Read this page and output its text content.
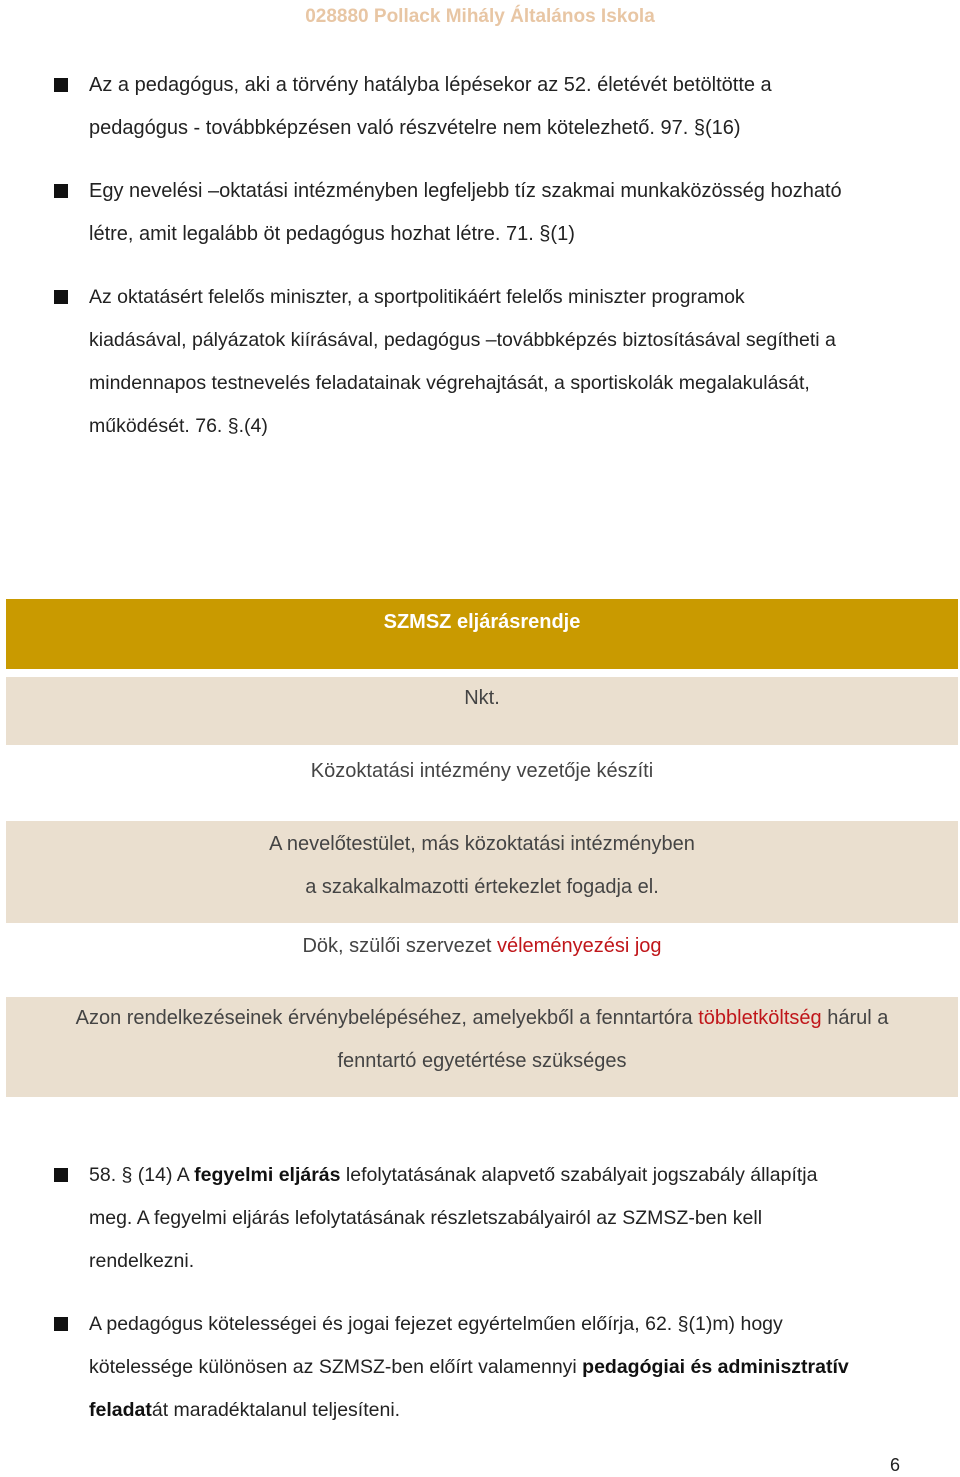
028880 Pollack Mihály Általános Iskola
Az a pedagógus, aki a törvény hatályba lépésekor az 52. életévét betöltötte a
pedagógus - továbbképzésen való részvételre nem kötelezhető. 97. §(16)
Egy nevelési –oktatási intézményben legfeljebb tíz szakmai munkaközösség hozható
létre, amit legalább öt pedagógus hozhat létre. 71. §(1)
Az oktatásért felelős miniszter, a sportpolitikáért felelős miniszter programok
kiadásával, pályázatok kiírásával, pedagógus –továbbképzés biztosításával segítheti a
mindennapos testnevelés feladatainak végrehajtását, a sportiskolák megalakulását,
működését. 76. §.(4)
SZMSZ eljárásrendje
Nkt.
Közoktatási intézmény vezetője készíti
A nevelőtestület, más közoktatási intézményben
a szakalkalmazotti értekezlet fogadja el.
Dök, szülői szervezet véleményezési jog
Azon rendelkezéseinek érvénybelépéséhez, amelyekből a fenntartóra többletköltség hárul a
fenntartó egyetértése szükséges
58. § (14) A fegyelmi eljárás lefolytatásának alapvető szabályait jogszabály állapítja
meg. A fegyelmi eljárás lefolytatásának részletszabályairól az SZMSZ-ben kell
rendelkezni.
A pedagógus kötelességei és jogai fejezet egyértelműen előírja, 62. §(1)m) hogy
kötelessége különösen az SZMSZ-ben előírt valamennyi pedagógiai és adminisztratív
feladatát maradéktalanul teljesíteni.
6
